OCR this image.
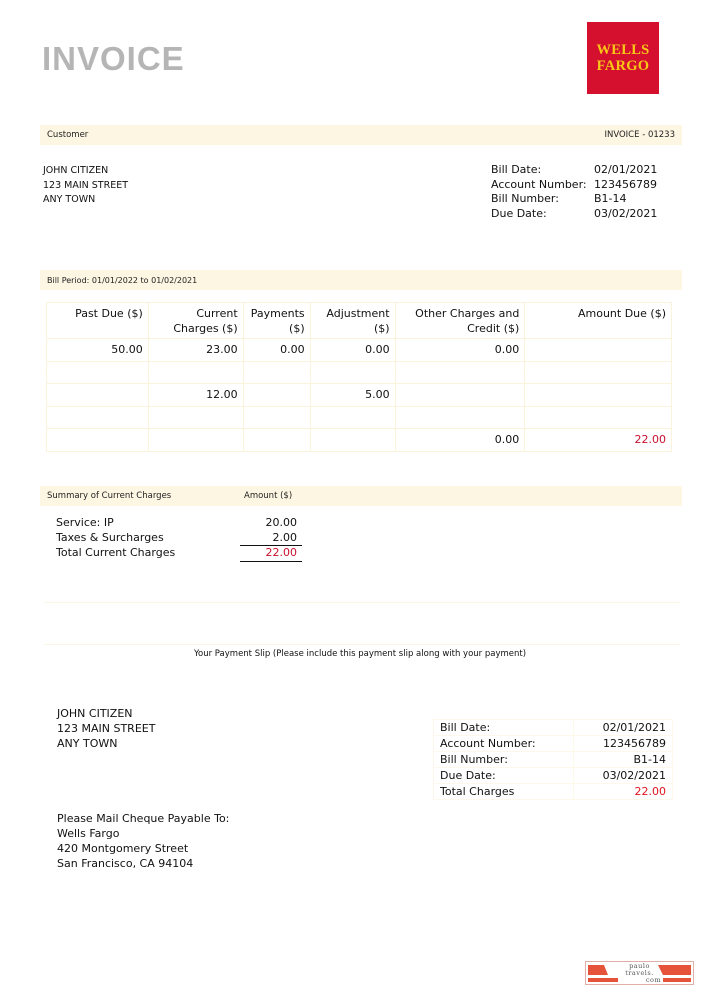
INVOICE	WELLS
FARGO
Customer	INVOICE - 01233
JOHN CITIZEN
123 MAIN STREET
ANY TOWN
Bill Date:	02/01/2021
Account Number:	123456789
Bill Number:	B1-14
Due Date:	03/02/2021
Bill Period: 01/01/2022 to 01/02/2021
Past Due ($)	Current Charges ($)	Payments ($)	Adjustment ($)	Other Charges and Credit ($)	Amount Due ($)
50.00	23.00	0.00	0.00	0.00	

	12.00		5.00		

				0.00	22.00
Summary of Current Charges	Amount ($)
Service: IP	20.00
Taxes & Surcharges	2.00
Total Current Charges	22.00
Your Payment Slip (Please include this payment slip along with your payment)
JOHN CITIZEN
123 MAIN STREET
ANY TOWN
Bill Date:	02/01/2021
Account Number:	123456789
Bill Number:	B1-14
Due Date:	03/02/2021
Total Charges	22.00
Please Mail Cheque Payable To:
Wells Fargo
420 Montgomery Street
San Francisco, CA 94104
paulo
travels.
com
